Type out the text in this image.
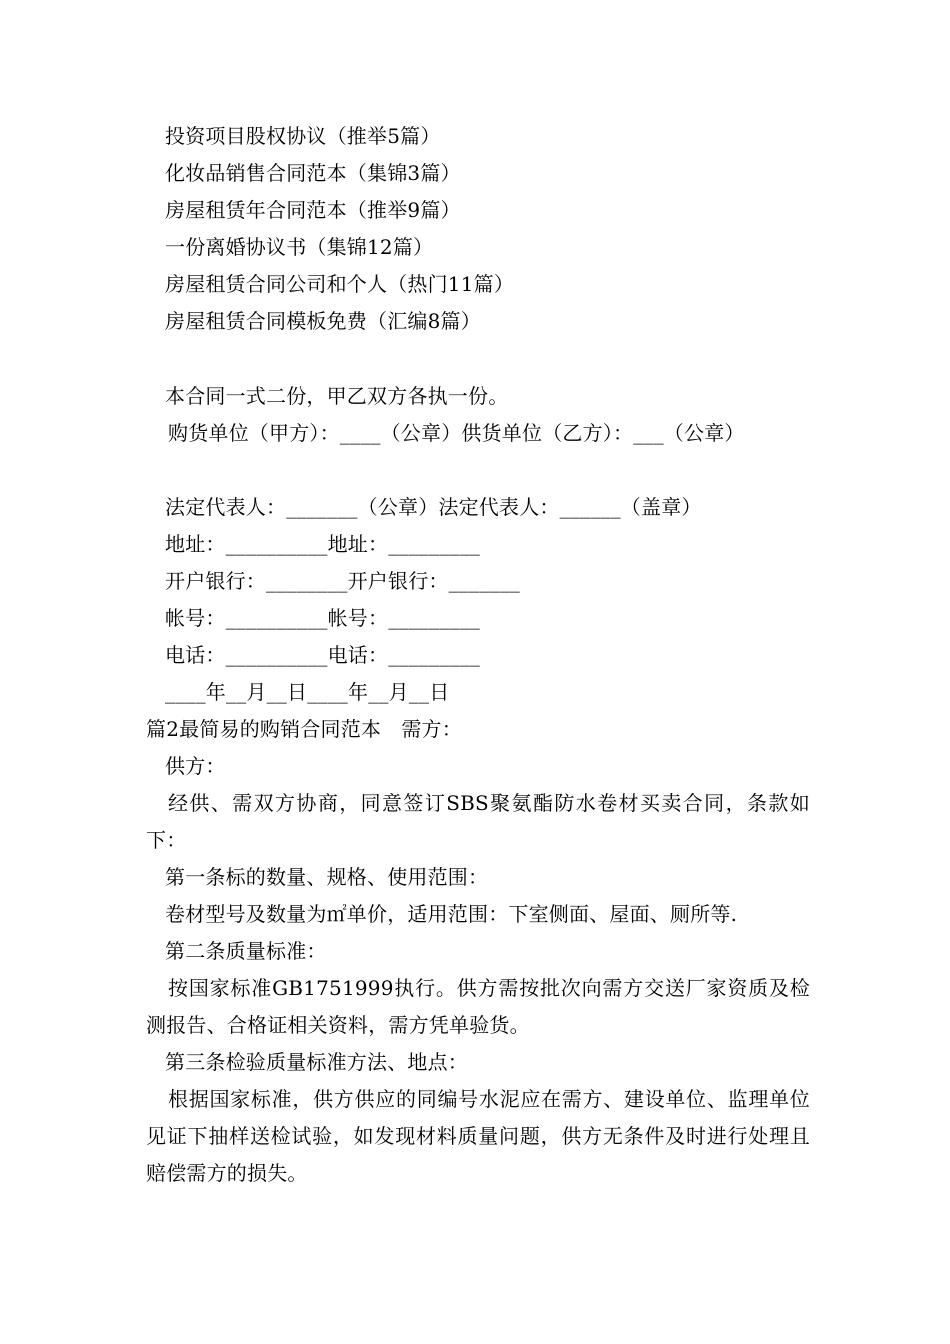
投资项目股权协议（推举5篇）
化妆品销售合同范本（集锦3篇）
房屋租赁年合同范本（推举9篇）
一份离婚协议书（集锦12篇）
房屋租赁合同公司和个人（热门11篇）
房屋租赁合同模板免费（汇编8篇）
本合同一式二份，甲乙双方各执一份。
购货单位（甲方）：____（公章）供货单位（乙方）：___（公章）
法定代表人：_______（公章）法定代表人：______（盖章）
地址：__________地址：_________
开户银行：________开户银行：_______
帐号：__________帐号：_________
电话：__________电话：_________
____年__月__日____年__月__日
篇2最简易的购销合同范本　需方：
供方：
经供、需双方协商，同意签订SBS聚氨酯防水卷材买卖合同，条款如下：
第一条标的数量、规格、使用范围：
卷材型号及数量为㎡单价，适用范围：下室侧面、屋面、厕所等.
第二条质量标准：
按国家标准GB1751999执行。供方需按批次向需方交送厂家资质及检测报告、合格证相关资料，需方凭单验货。
第三条检验质量标准方法、地点：
根据国家标准，供方供应的同编号水泥应在需方、建设单位、监理单位见证下抽样送检试验，如发现材料质量问题，供方无条件及时进行处理且赔偿需方的损失。
